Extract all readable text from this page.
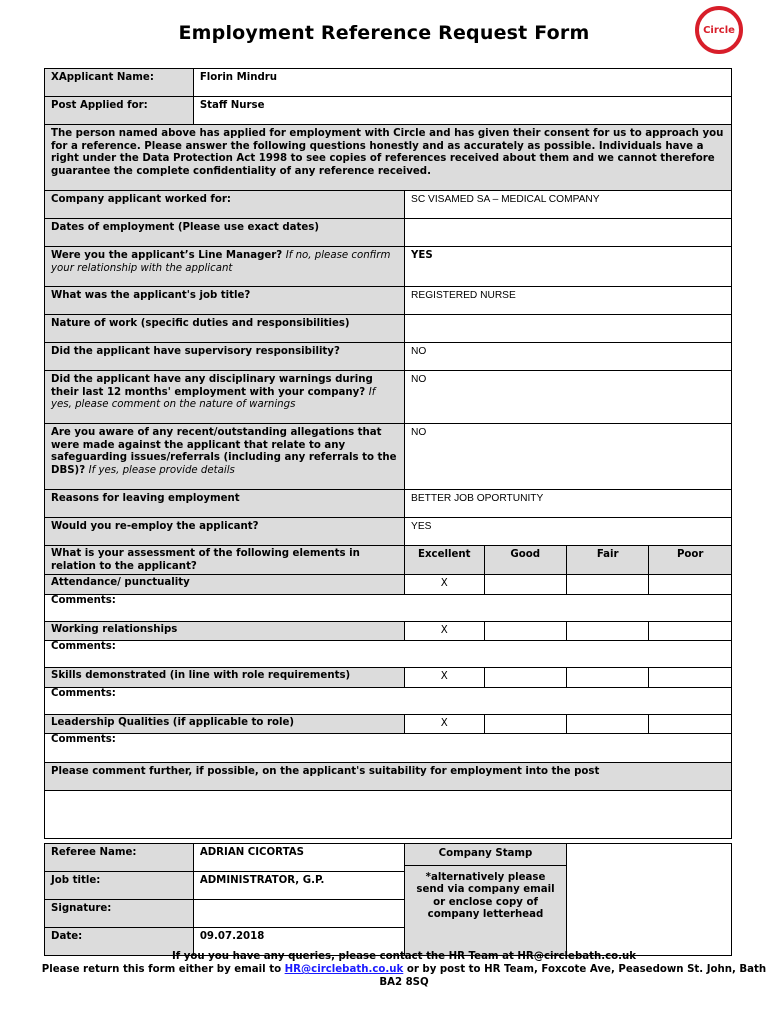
Employment Reference Request Form	Circle
XApplicant Name:	Florin Mindru				
Post Applied for:	Staff Nurse				
The person named above has applied for employment with Circle and has given their consent for us to approach you for a reference. Please answer the following questions honestly and as accurately as possible. Individuals have a right under the Data Protection Act 1998 to see copies of references received about them and we cannot therefore guarantee the complete confidentiality of any reference received.					
Company applicant worked for:		SC VISAMED SA – MEDICAL COMPANY			
Dates of employment (Please use exact dates)					
Were you the applicant’s Line Manager? If no, please confirm your relationship with the applicant		YES			
What was the applicant's job title?		REGISTERED NURSE			
Nature of work (specific duties and responsibilities)					
Did the applicant have supervisory responsibility?		NO			
Did the applicant have any disciplinary warnings during their last 12 months' employment with your company? If yes, please comment on the nature of warnings		NO			
Are you aware of any recent/outstanding allegations that were made against the applicant that relate to any safeguarding issues/referrals (including any referrals to the DBS)? If yes, please provide details		NO			
Reasons for leaving employment		BETTER JOB OPORTUNITY			
Would you re-employ the applicant?		YES			
What is your assessment of the following elements in relation to the applicant?		Excellent	Good	Fair	Poor
Attendance/ punctuality		X			
Comments:					
Working relationships		X			
Comments:					
Skills demonstrated (in line with role requirements)		X			
Comments:					
Leadership Qualities (if applicable to role)		X			
Comments:					
Please comment further, if possible, on the applicant's suitability for employment into the post					

Referee Name:	ADRIAN CICORTAS	Company Stamp
*alternatively please send via company email or enclose copy of company letterhead			

Job title:	ADMINISTRATOR, G.P.				
Signature:					
Date:	09.07.2018				
If you you have any queries, please contact the HR Team at HR@circlebath.co.uk
Please return this form either by email to HR@circlebath.co.uk or by post to HR Team, Foxcote Ave, Peasedown St. John, Bath BA2 8SQ
